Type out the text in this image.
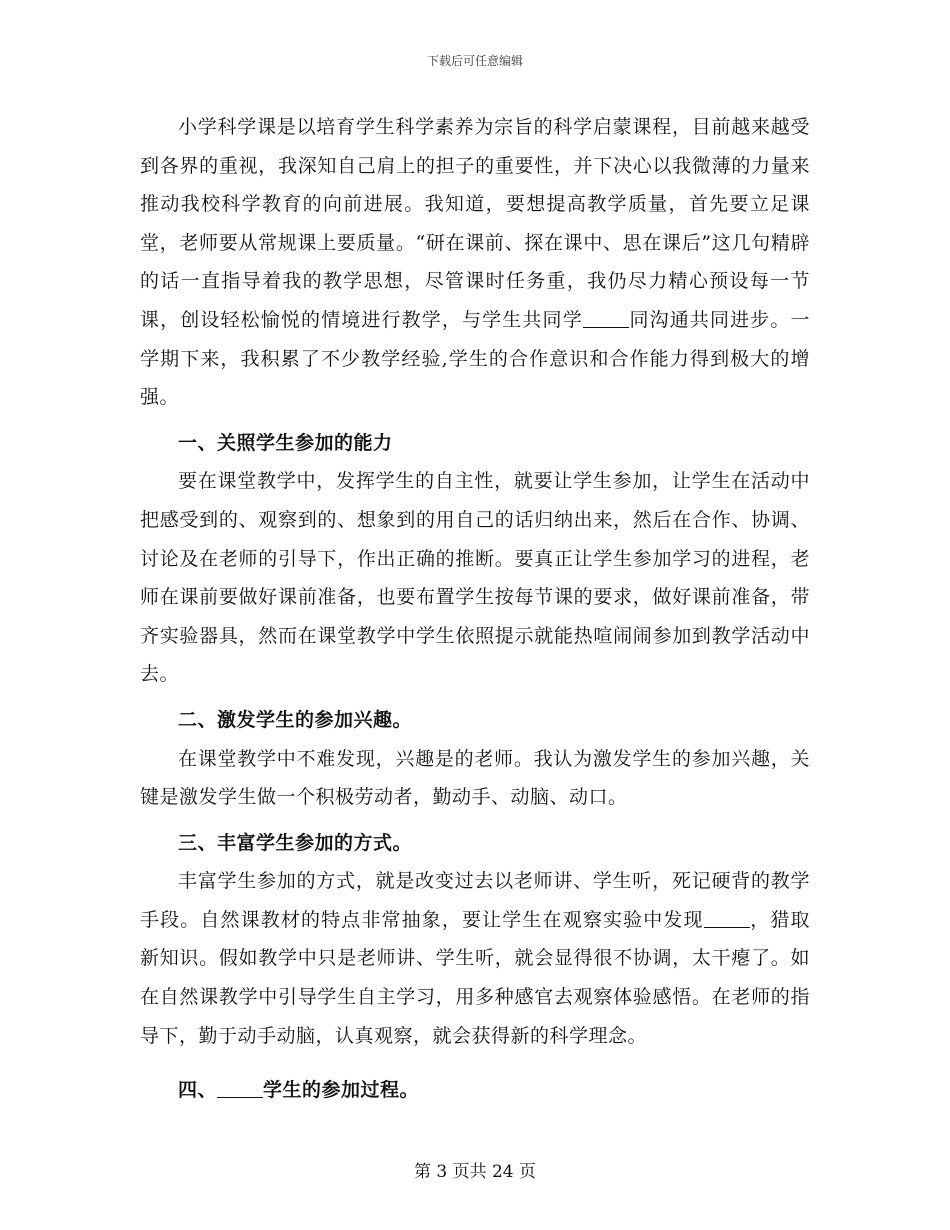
下载后可任意编辑

小学科学课是以培育学生科学素养为宗旨的科学启蒙课程，目前越来越受到各界的重视，我深知自己肩上的担子的重要性，并下决心以我微薄的力量来推动我校科学教育的向前进展。我知道，要想提高教学质量，首先要立足课堂，老师要从常规课上要质量。“研在课前、探在课中、思在课后”这几句精辟的话一直指导着我的教学思想，尽管课时任务重，我仍尽力精心预设每一节课，创设轻松愉悦的情境进行教学，与学生共同学 同沟通共同进步。一学期下来，我积累了不少教学经验,学生的合作意识和合作能力得到极大的增强。

一、关照学生参加的能力

要在课堂教学中，发挥学生的自主性，就要让学生参加，让学生在活动中把感受到的、观察到的、想象到的用自己的话归纳出来，然后在合作、协调、讨论及在老师的引导下，作出正确的推断。要真正让学生参加学习的进程，老师在课前要做好课前准备，也要布置学生按每节课的要求，做好课前准备，带齐实验器具，然而在课堂教学中学生依照提示就能热喧闹闹参加到教学活动中去。

二、激发学生的参加兴趣。

在课堂教学中不难发现，兴趣是的老师。我认为激发学生的参加兴趣，关键是激发学生做一个积极劳动者，勤动手、动脑、动口。

三、丰富学生参加的方式。

丰富学生参加的方式，就是改变过去以老师讲、学生听，死记硬背的教学手段。自然课教材的特点非常抽象，要让学生在观察实验中发现 ，猎取新知识。假如教学中只是老师讲、学生听，就会显得很不协调，太干瘪了。如在自然课教学中引导学生自主学习，用多种感官去观察体验感悟。在老师的指导下，勤于动手动脑，认真观察，就会获得新的科学理念。

四、 学生的参加过程。

第 3 页共 24 页
